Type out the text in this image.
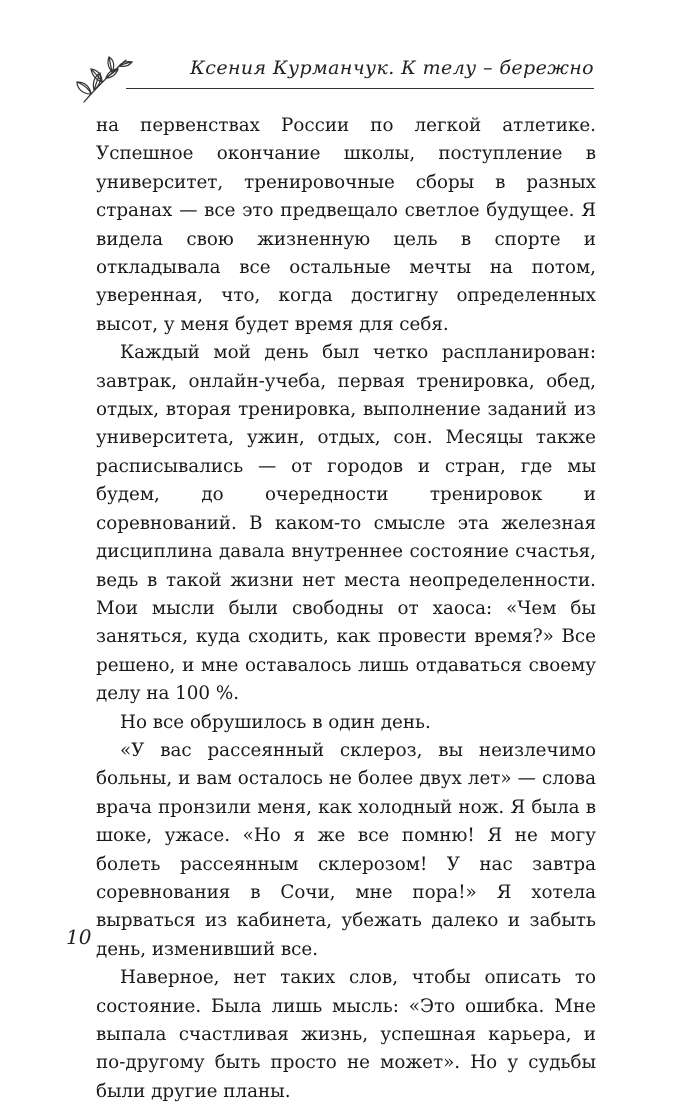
Ксения Курманчук. К телу – бережно

на первенствах России по легкой атлетике. Успешное окончание школы, поступление в университет, тренировочные сборы в разных странах — все это предвещало светлое будущее. Я видела свою жизненную цель в спорте и откладывала все остальные мечты на потом, уверенная, что, когда достигну определенных высот, у меня будет время для себя.

Каждый мой день был четко распланирован: завтрак, онлайн-учеба, первая тренировка, обед, отдых, вторая тренировка, выполнение заданий из университета, ужин, отдых, сон. Месяцы также расписывались — от городов и стран, где мы будем, до очередности тренировок и соревнований. В каком-то смысле эта железная дисциплина давала внутреннее состояние счастья, ведь в такой жизни нет места неопределенности. Мои мысли были свободны от хаоса: «Чем бы заняться, куда сходить, как провести время?» Все решено, и мне оставалось лишь отдаваться своему делу на 100 %.

Но все обрушилось в один день.

«У вас рассеянный склероз, вы неизлечимо больны, и вам осталось не более двух лет» — слова врача пронзили меня, как холодный нож. Я была в шоке, ужасе. «Но я же все помню! Я не могу болеть рассеянным склерозом! У нас завтра соревнования в Сочи, мне пора!» Я хотела вырваться из кабинета, убежать далеко и забыть день, изменивший все.

Наверное, нет таких слов, чтобы описать то состояние. Была лишь мысль: «Это ошибка. Мне выпала счастливая жизнь, успешная карьера, и по-другому быть просто не может». Но у судьбы были другие планы.

10
